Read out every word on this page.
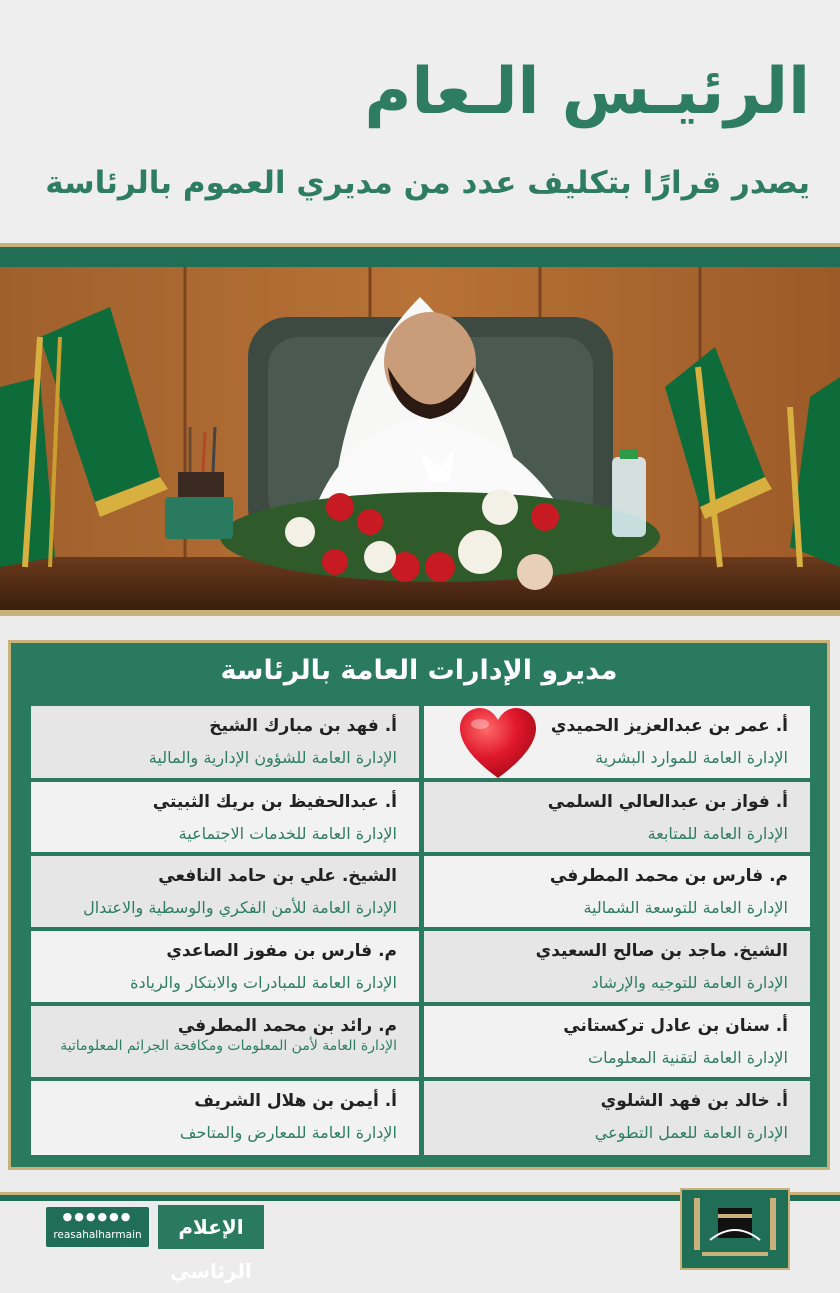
الرئيـس الـعام
يصدر قرارًا بتكليف عدد من مديري العموم بالرئاسة
مديرو الإدارات العامة بالرئاسة
أ. عمر بن عبدالعزيز الحميدي
الإدارة العامة للموارد البشرية
أ. فواز بن عبدالعالي السلمي
الإدارة العامة للمتابعة
م. فارس بن محمد المطرفي
الإدارة العامة للتوسعة الشمالية
الشيخ. ماجد بن صالح السعيدي
الإدارة العامة للتوجيه والإرشاد
أ. سنان بن عادل تركستاني
الإدارة العامة لتقنية المعلومات
أ. خالد بن فهد الشلوي
الإدارة العامة للعمل التطوعي
أ. فهد بن مبارك الشيخ
الإدارة العامة للشؤون الإدارية والمالية
أ. عبدالحفيظ بن بريك الثبيتي
الإدارة العامة للخدمات الاجتماعية
الشيخ. علي بن حامد النافعي
الإدارة العامة للأمن الفكري والوسطية والاعتدال
م. فارس بن مفوز الصاعدي
الإدارة العامة للمبادرات والابتكار والريادة
م. رائد بن محمد المطرفي
الإدارة العامة لأمن المعلومات ومكافحة الجرائم المعلوماتية
أ. أيمن بن هلال الشريف
الإدارة العامة للمعارض والمتاحف
●●●●●●
reasahalharmain	الإعلام الرئاسي
